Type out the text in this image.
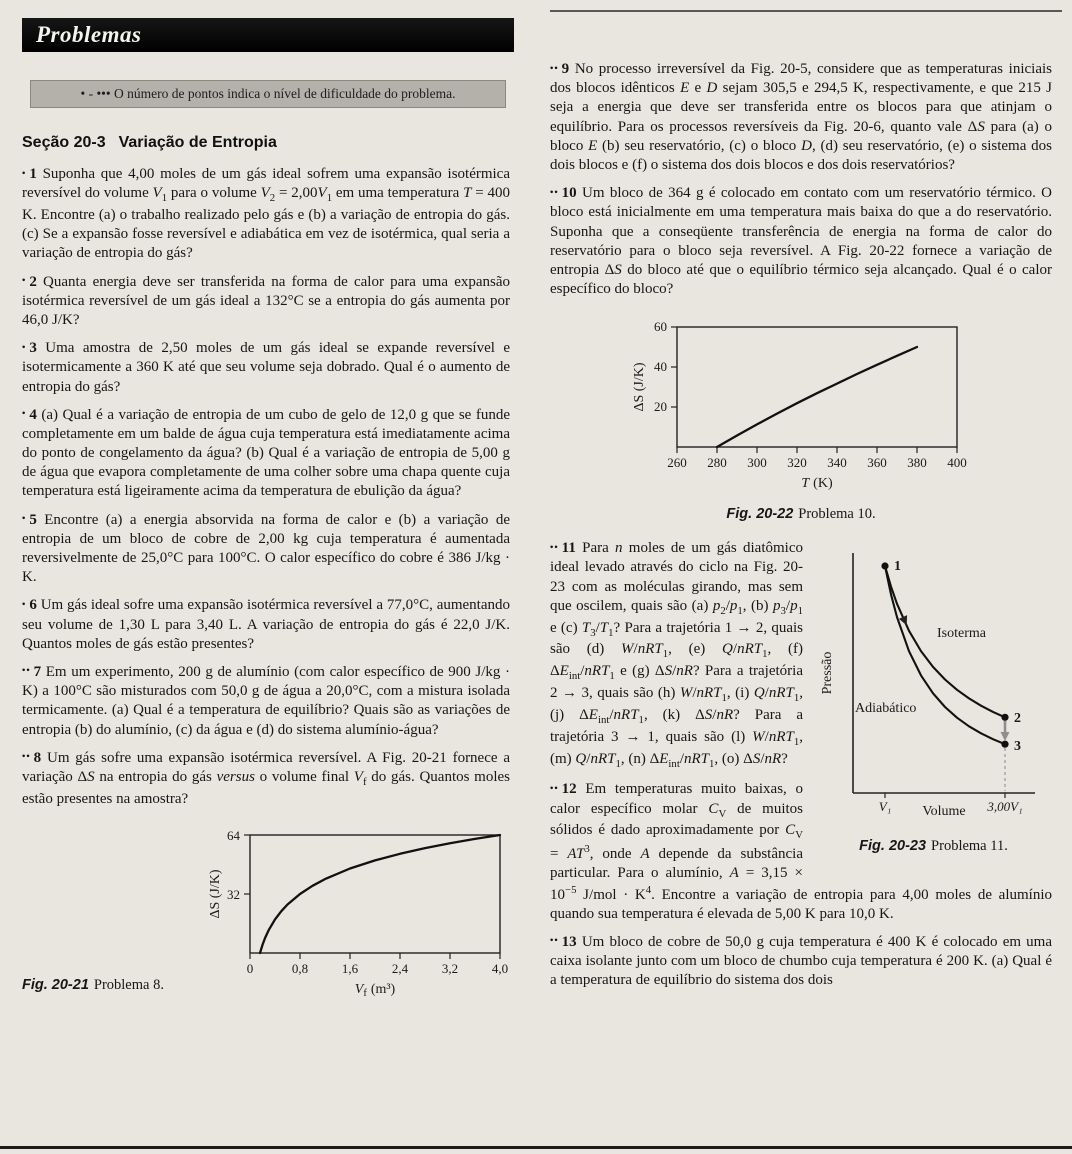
Problemas
• - ••• O número de pontos indica o nível de dificuldade do problema.
Seção 20-3 Variação de Entropia

• 1 Suponha que 4,00 moles de um gás ideal sofrem uma expansão isotérmica reversível do volume $V_1$ para o volume $V_2 = 2,00V_1$ em uma temperatura T = 400 K. Encontre (a) o trabalho realizado pelo gás e (b) a variação de entropia do gás. (c) Se a expansão fosse reversível e adiabática em vez de isotérmica, qual seria a variação de entropia do gás?

• 2 Quanta energia deve ser transferida na forma de calor para uma expansão isotérmica reversível de um gás ideal a 132°C se a entropia do gás aumenta por 46,0 J/K?

• 3 Uma amostra de 2,50 moles de um gás ideal se expande reversível e isotermicamente a 360 K até que seu volume seja dobrado. Qual é o aumento de entropia do gás?

• 4 (a) Qual é a variação de entropia de um cubo de gelo de 12,0 g que se funde completamente em um balde de água cuja temperatura está imediatamente acima do ponto de congelamento da água? (b) Qual é a variação de entropia de 5,00 g de água que evapora completamente de uma colher sobre uma chapa quente cuja temperatura está ligeiramente acima da temperatura de ebulição da água?

• 5 Encontre (a) a energia absorvida na forma de calor e (b) a variação de entropia de um bloco de cobre de 2,00 kg cuja temperatura é aumentada reversivelmente de 25,0°C para 100°C. O calor específico do cobre é 386 J/kg · K.

• 6 Um gás ideal sofre uma expansão isotérmica reversível a 77,0°C, aumentando seu volume de 1,30 L para 3,40 L. A variação de entropia do gás é 22,0 J/K. Quantos moles de gás estão presentes?

•• 7 Em um experimento, 200 g de alumínio (com calor específico de 900 J/kg · K) a 100°C são misturados com 50,0 g de água a 20,0°C, com a mistura isolada termicamente. (a) Qual é a temperatura de equilíbrio? Quais são as variações de entropia (b) do alumínio, (c) da água e (d) do sistema alumínio-água?

•• 8 Um gás sofre uma expansão isotérmica reversível. A Fig. 20-21 fornece a variação ΔS na entropia do gás versus o volume final $V_f$ do gás. Quantos moles estão presentes na amostra?

64
32
0	0,8	1,6	2,4	3,2	4,0
ΔS (J/K)
$V_f$ (m³)

Fig. 20-21 Problema 8.

•• 9 No processo irreversível da Fig. 20-5, considere que as temperaturas iniciais dos blocos idênticos E e D sejam 305,5 e 294,5 K, respectivamente, e que 215 J seja a energia que deve ser transferida entre os blocos para que atinjam o equilíbrio. Para os processos reversíveis da Fig. 20-6, quanto vale ΔS para (a) o bloco E (b) seu reservatório, (c) o bloco D, (d) seu reservatório, (e) o sistema dos dois blocos e (f) o sistema dos dois blocos e dos dois reservatórios?

•• 10 Um bloco de 364 g é colocado em contato com um reservatório térmico. O bloco está inicialmente em uma temperatura mais baixa do que a do reservatório. Suponha que a conseqüente transferência de energia na forma de calor do reservatório para o bloco seja reversível. A Fig. 20-22 fornece a variação de entropia ΔS do bloco até que o equilíbrio térmico seja alcançado. Qual é o calor específico do bloco?

20
40
60
260 280 300 320 340 360 380 400
ΔS (J/K)
T (K)

Fig. 20-22 Problema 10.

1
2
3
Isoterma
Adiabático
Pressão
Volume
V₁	3,00V₁

Fig. 20-23 Problema 11.

•• 11 Para n moles de um gás diatômico ideal levado através do ciclo na Fig. 20-23 com as moléculas girando, mas sem que oscilem, quais são (a) $p_2/p_1$, (b) $p_3/p_1$ e (c) $T_3/T_1$? Para a trajetória 1 → 2, quais são (d) W/nRT$_1$, (e) Q/nRT$_1$, (f) $\Delta E_{int}/nRT_1$ e (g) ΔS/nR? Para a trajetória 2 → 3, quais são (h) W/nRT$_1$, (i) Q/nRT$_1$, (j) $\Delta E_{int}/nRT_1$, (k) ΔS/nR? Para a trajetória 3 → 1, quais são (l) W/nRT$_1$, (m) Q/nRT$_1$, (n) $\Delta E_{int}/nRT_1$, (o) ΔS/nR?

•• 12 Em temperaturas muito baixas, o calor específico molar $C_V$ de muitos sólidos é dado aproximadamente por $C_V = AT^3$, onde A depende da substância particular. Para o alumínio, $A = 3,15 \times 10^{-5}$ $J/mol \cdot K^4$. Encontre a variação de entropia para 4,00 moles de alumínio quando sua temperatura é elevada de 5,00 K para 10,0 K.

•• 13 Um bloco de cobre de 50,0 g cuja temperatura é 400 K é colocado em uma caixa isolante junto com um bloco de chumbo cuja temperatura é 200 K. (a) Qual é a temperatura de equilíbrio do sistema dos dois
